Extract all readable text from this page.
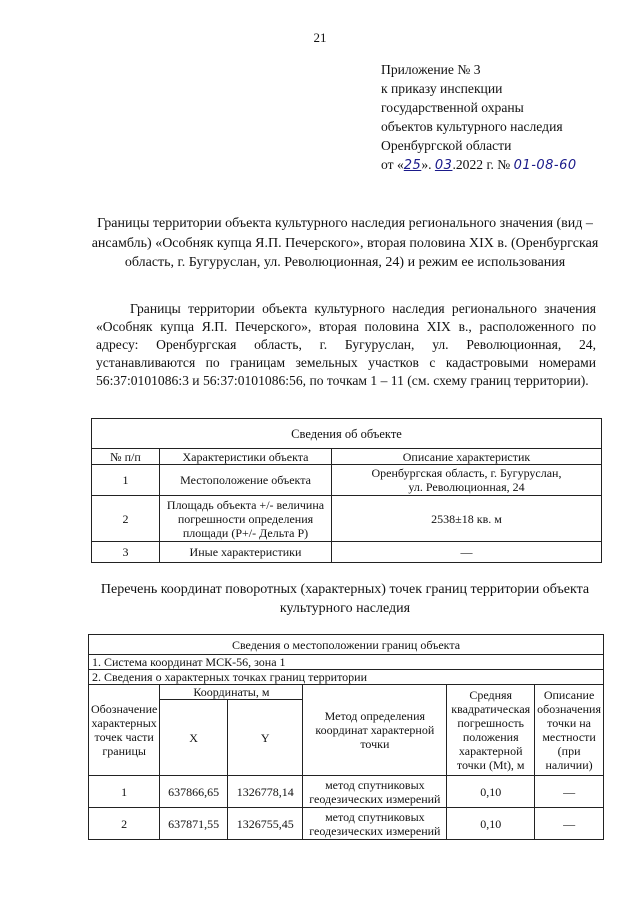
21
Приложение № 3
к приказу инспекции
государственной охраны
объектов культурного наследия
Оренбургской области
от «25». 03.2022 г. № 01-08-60
Границы территории объекта культурного наследия регионального значения (вид – ансамбль) «Особняк купца Я.П. Печерского», вторая половина XIX в. (Оренбургская область, г. Бугуруслан, ул. Революционная, 24) и режим ее использования
Границы территории объекта культурного наследия регионального значения «Особняк купца Я.П. Печерского», вторая половина XIX в., расположенного по адресу: Оренбургская область, г. Бугуруслан, ул. Революционная, 24, устанавливаются по границам земельных участков с кадастровыми номерами 56:37:0101086:3 и 56:37:0101086:56, по точкам 1 – 11 (см. схему границ территории).
Сведения об объекте		
№ п/п	Характеристики объекта	Описание характеристик
1	Местоположение объекта	Оренбургская область, г. Бугуруслан,
ул. Революционная, 24

2	Площадь объекта +/- величина
погрешности определения
площади (Р+/- Дельта Р)	2538±18 кв. м
3	Иные характеристики	—
Перечень координат поворотных (характерных) точек границ территории объекта культурного наследия
Сведения о местоположении границ объекта					
1. Система координат МСК-56, зона 1					
2. Сведения о характерных точках границ территории					
Обозначение характерных точек части границы	Координаты, м		Метод определения координат характерной точки	Средняя квадратическая погрешность положения характерной точки (Mt), м	Описание обозначения точки на местности (при наличии)
	X	Y			
1	637866,65	1326778,14	метод спутниковых
геодезических измерений	0,10	—
2	637871,55	1326755,45	метод спутниковых
геодезических измерений	0,10	—
